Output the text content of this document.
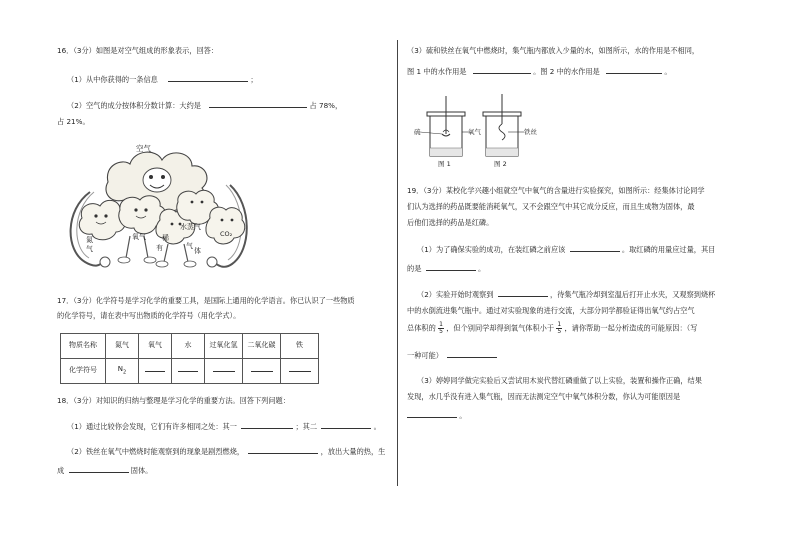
16．（3分）如图是对空气组成的形象表示，回答：
（1）从中你获得的一条信息	；
（2）空气的成分按体积分数计算：大约是	占 78%，
占 21%。
空气
氮
气
氧气 稀
有	气
体
水蒸气
CO₂
17．（3分）化学符号是学习化学的重要工具，是国际上通用的化学语言。你已认识了一些物质
的化学符号，请在表中写出物质的化学符号（用化学式）。
物质名称	氮气	氧气	水	过氧化氢	二氧化碳	铁
化学符号	$N_2$					
18．（3分）对知识的归纳与整理是学习化学的重要方法。回答下列问题：
（1）通过比较你会发现，它们有许多相同之处：其一	；其二	。
（2）铁丝在氧气中燃烧时能观察到的现象是剧烈燃烧，	，放出大量的热，生
成	固体。
（3）硫和铁丝在氧气中燃烧时，集气瓶内都放入少量的水，如图所示，水的作用是不相同，
图 1 中的水作用是	。图 2 中的水作用是	。
硫	氧气
图 1
铁丝
图 2
19．（3分）某校化学兴趣小组就空气中氧气的含量进行实验探究，如图所示：经集体讨论同学
们认为选择的药品既要能消耗氧气，又不会跟空气中其它成分反应，而且生成物为固体，最
后他们选择的药品是红磷。
（1）为了确保实验的成功，在装红磷之前应该	。取红磷的用量应过量，其目
的是	。
（2）实验开始时观察到	，待集气瓶冷却到室温后打开止水夹，又观察到烧杯
中的水倒流进集气瓶中。通过对实验现象的进行交流，大部分同学都验证得出氧气约占空气
总体积的 $\frac{1}{5}$ ，但个别同学却得到氧气体积小于 $\frac{1}{5}$ ，请你帮助一起分析造成的可能原因：（写
一种可能）
（3）婷婷同学做完实验后又尝试用木炭代替红磷重做了以上实验，装置和操作正确，结果
发现，水几乎没有进入集气瓶，因而无法测定空气中氧气体积分数，你认为可能原因是
。
